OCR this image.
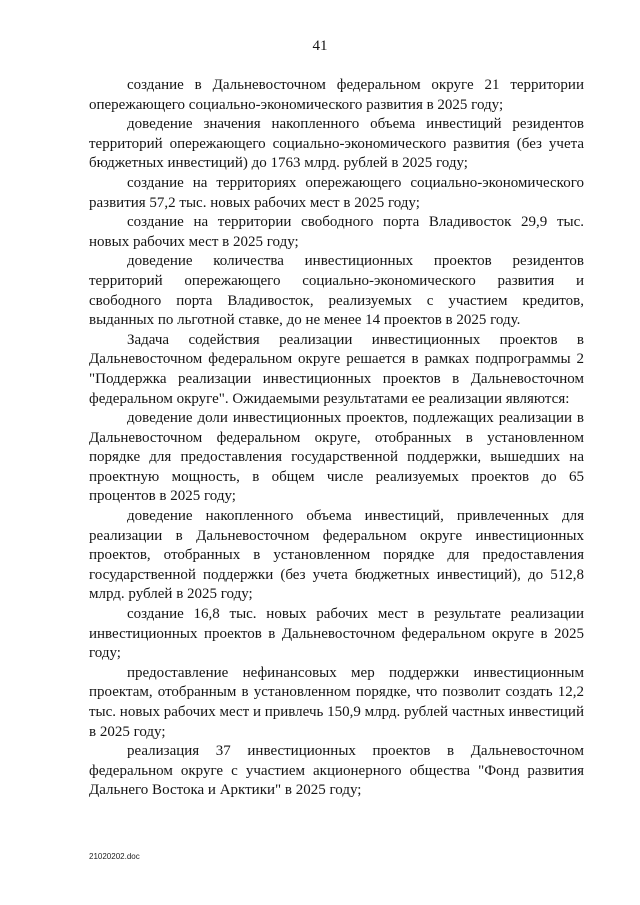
41

создание в Дальневосточном федеральном округе 21 территории опережающего социально-экономического развития в 2025 году;

доведение значения накопленного объема инвестиций резидентов территорий опережающего социально-экономического развития (без учета бюджетных инвестиций) до 1763 млрд. рублей в 2025 году;

создание на территориях опережающего социально-экономического развития 57,2 тыс. новых рабочих мест в 2025 году;

создание на территории свободного порта Владивосток 29,9 тыс. новых рабочих мест в 2025 году;

доведение количества инвестиционных проектов резидентов территорий опережающего социально-экономического развития и свободного порта Владивосток, реализуемых с участием кредитов, выданных по льготной ставке, до не менее 14 проектов в 2025 году.

Задача содействия реализации инвестиционных проектов в Дальневосточном федеральном округе решается в рамках подпрограммы 2 "Поддержка реализации инвестиционных проектов в Дальневосточном федеральном округе". Ожидаемыми результатами ее реализации являются:

доведение доли инвестиционных проектов, подлежащих реализации в Дальневосточном федеральном округе, отобранных в установленном порядке для предоставления государственной поддержки, вышедших на проектную мощность, в общем числе реализуемых проектов до 65 процентов в 2025 году;

доведение накопленного объема инвестиций, привлеченных для реализации в Дальневосточном федеральном округе инвестиционных проектов, отобранных в установленном порядке для предоставления государственной поддержки (без учета бюджетных инвестиций), до 512,8 млрд. рублей в 2025 году;

создание 16,8 тыс. новых рабочих мест в результате реализации инвестиционных проектов в Дальневосточном федеральном округе в 2025 году;

предоставление нефинансовых мер поддержки инвестиционным проектам, отобранным в установленном порядке, что позволит создать 12,2 тыс. новых рабочих мест и привлечь 150,9 млрд. рублей частных инвестиций в 2025 году;

реализация 37 инвестиционных проектов в Дальневосточном федеральном округе с участием акционерного общества "Фонд развития Дальнего Востока и Арктики" в 2025 году;

21020202.doc
